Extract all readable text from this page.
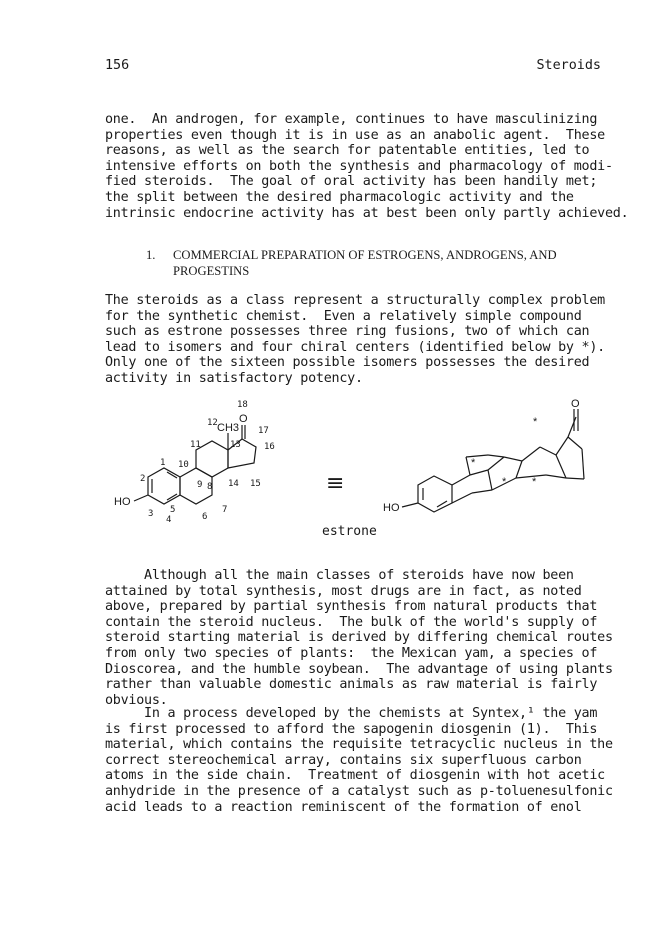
156	Steroids

one.  An androgen, for example, continues to have masculinizing
properties even though it is in use as an anabolic agent.  These
reasons, as well as the search for patentable entities, led to
intensive efforts on both the synthesis and pharmacology of modi-
fied steroids.  The goal of oral activity has been handily met;
the split between the desired pharmacologic activity and the
intrinsic endocrine activity has at best been only partly achieved.

1. COMMERCIAL PREPARATION OF ESTROGENS, ANDROGENS, AND
PROGESTINS

The steroids as a class represent a structurally complex problem
for the synthetic chemist.  Even a relatively simple compound
such as estrone possesses three ring fusions, two of which can
lead to isomers and four chiral centers (identified below by *).
Only one of the sixteen possible isomers possesses the desired
activity in satisfactory potency.

18
12
17
16
11	13
1 10
2
9 8 14 15
5	7
3
4	6
CH3
O
HO
≡
O
HO
*
*
* *
estrone

Although all the main classes of steroids have now been
attained by total synthesis, most drugs are in fact, as noted
above, prepared by partial synthesis from natural products that
contain the steroid nucleus.  The bulk of the world's supply of
steroid starting material is derived by differing chemical routes
from only two species of plants:  the Mexican yam, a species of
Dioscorea, and the humble soybean.  The advantage of using plants
rather than valuable domestic animals as raw material is fairly
obvious.

In a process developed by the chemists at Syntex,¹ the yam
is first processed to afford the sapogenin diosgenin (1).  This
material, which contains the requisite tetracyclic nucleus in the
correct stereochemical array, contains six superfluous carbon
atoms in the side chain.  Treatment of diosgenin with hot acetic
anhydride in the presence of a catalyst such as p-toluenesulfonic
acid leads to a reaction reminiscent of the formation of enol
